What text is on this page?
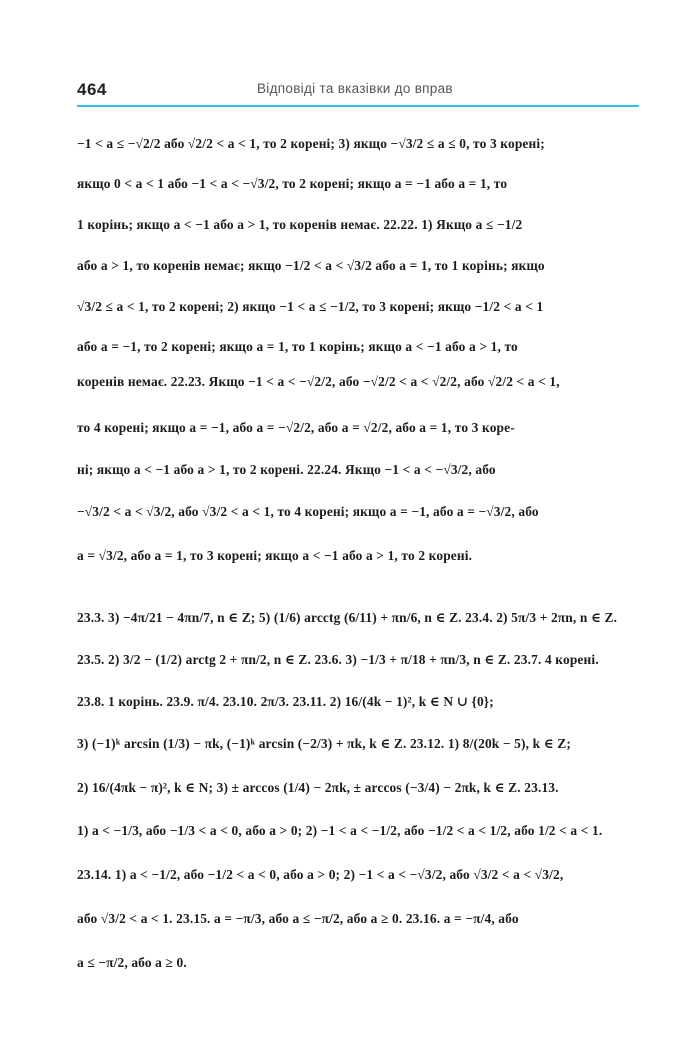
464	Відповіді та вказівки до вправ
−1 < a ≤ −√2/2 або √2/2 < a < 1, то 2 корені; 3) якщо −√3/2 ≤ a ≤ 0, то 3 корені;
якщо 0 < a < 1 або −1 < a < −√3/2, то 2 корені; якщо a = −1 або a = 1, то
1 корінь; якщо a < −1 або a > 1, то коренів немає. 22.22. 1) Якщо a ≤ −1/2
або a > 1, то коренів немає; якщо −1/2 < a < √3/2 або a = 1, то 1 корінь; якщо
√3/2 ≤ a < 1, то 2 корені; 2) якщо −1 < a ≤ −1/2, то 3 корені; якщо −1/2 < a < 1
або a = −1, то 2 корені; якщо a = 1, то 1 корінь; якщо a < −1 або a > 1, то
коренів немає. 22.23. Якщо −1 < a < −√2/2, або −√2/2 < a < √2/2, або √2/2 < a < 1,
то 4 корені; якщо a = −1, або a = −√2/2, або a = √2/2, або a = 1, то 3 коре-
ні; якщо a < −1 або a > 1, то 2 корені. 22.24. Якщо −1 < a < −√3/2, або
−√3/2 < a < √3/2, або √3/2 < a < 1, то 4 корені; якщо a = −1, або a = −√3/2, або
a = √3/2, або a = 1, то 3 корені; якщо a < −1 або a > 1, то 2 корені.
23.3. 3) −4π/21 − 4πn/7, n ∈ Z; 5) (1/6) arcctg (6/11) + πn/6, n ∈ Z. 23.4. 2) 5π/3 + 2πn, n ∈ Z.
23.5. 2) 3/2 − (1/2) arctg 2 + πn/2, n ∈ Z. 23.6. 3) −1/3 + π/18 + πn/3, n ∈ Z. 23.7. 4 корені.
23.8. 1 корінь. 23.9. π/4. 23.10. 2π/3. 23.11. 2) 16/(4k − 1)², k ∈ N ∪ {0};
3) (−1)ᵏ arcsin (1/3) − πk, (−1)ᵏ arcsin (−2/3) + πk, k ∈ Z. 23.12. 1) 8/(20k − 5), k ∈ Z;
2) 16/(4πk − π)², k ∈ N; 3) ± arccos (1/4) − 2πk, ± arccos (−3/4) − 2πk, k ∈ Z. 23.13.
1) a < −1/3, або −1/3 < a < 0, або a > 0; 2) −1 < a < −1/2, або −1/2 < a < 1/2, або 1/2 < a < 1.
23.14. 1) a < −1/2, або −1/2 < a < 0, або a > 0; 2) −1 < a < −√3/2, або √3/2 < a < √3/2,
або √3/2 < a < 1. 23.15. a = −π/3, або a ≤ −π/2, або a ≥ 0. 23.16. a = −π/4, або
a ≤ −π/2, або a ≥ 0.
